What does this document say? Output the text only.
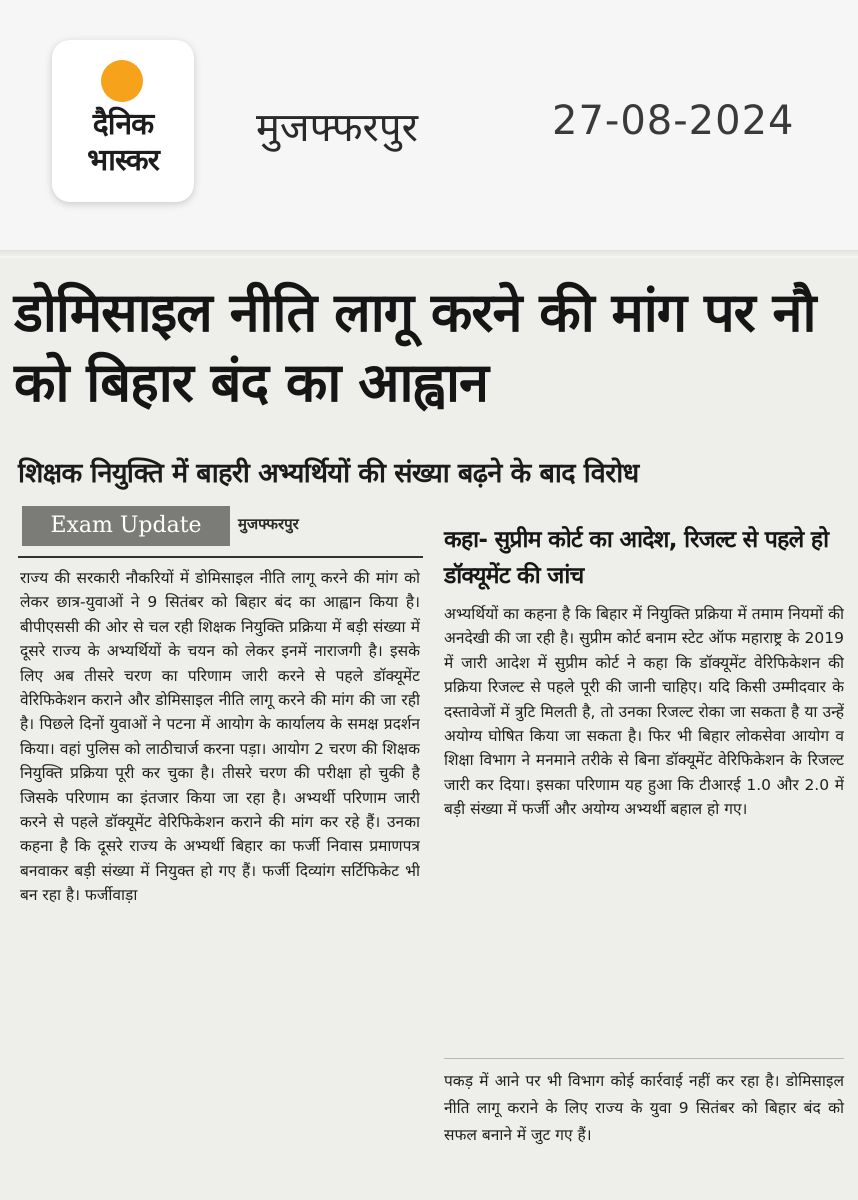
दैनिक
भास्कर
मुजफ्फरपुर	27-08-2024
डोमिसाइल नीति लागू करने की मांग पर नौ को बिहार बंद का आह्वान
शिक्षक नियुक्ति में बाहरी अभ्यर्थियों की संख्या बढ़ने के बाद विरोध
Exam Update	मुजफ्फरपुर

राज्य की सरकारी नौकरियों में डोमिसाइल नीति लागू करने की मांग को लेकर छात्र-युवाओं ने 9 सितंबर को बिहार बंद का आह्वान किया है। बीपीएससी की ओर से चल रही शिक्षक नियुक्ति प्रक्रिया में बड़ी संख्या में दूसरे राज्य के अभ्यर्थियों के चयन को लेकर इनमें नाराजगी है। इसके लिए अब तीसरे चरण का परिणाम जारी करने से पहले डॉक्यूमेंट वेरिफिकेशन कराने और डोमिसाइल नीति लागू करने की मांग की जा रही है। पिछले दिनों युवाओं ने पटना में आयोग के कार्यालय के समक्ष प्रदर्शन किया। वहां पुलिस को लाठीचार्ज करना पड़ा। आयोग 2 चरण की शिक्षक नियुक्ति प्रक्रिया पूरी कर चुका है। तीसरे चरण की परीक्षा हो चुकी है जिसके परिणाम का इंतजार किया जा रहा है। अभ्यर्थी परिणाम जारी करने से पहले डॉक्यूमेंट वेरिफिकेशन कराने की मांग कर रहे हैं। उनका कहना है कि दूसरे राज्य के अभ्यर्थी बिहार का फर्जी निवास प्रमाणपत्र बनवाकर बड़ी संख्या में नियुक्त हो गए हैं। फर्जी दिव्यांग सर्टिफिकेट भी बन रहा है। फर्जीवाड़ा

कहा- सुप्रीम कोर्ट का आदेश, रिजल्ट से पहले हो डॉक्यूमेंट की जांच

अभ्यर्थियों का कहना है कि बिहार में नियुक्ति प्रक्रिया में तमाम नियमों की अनदेखी की जा रही है। सुप्रीम कोर्ट बनाम स्टेट ऑफ महाराष्ट्र के 2019 में जारी आदेश में सुप्रीम कोर्ट ने कहा कि डॉक्यूमेंट वेरिफिकेशन की प्रक्रिया रिजल्ट से पहले पूरी की जानी चाहिए। यदि किसी उम्मीदवार के दस्तावेजों में त्रुटि मिलती है, तो उनका रिजल्ट रोका जा सकता है या उन्हें अयोग्य घोषित किया जा सकता है। फिर भी बिहार लोकसेवा आयोग व शिक्षा विभाग ने मनमाने तरीके से बिना डॉक्यूमेंट वेरिफिकेशन के रिजल्ट जारी कर दिया। इसका परिणाम यह हुआ कि टीआरई 1.0 और 2.0 में बड़ी संख्या में फर्जी और अयोग्य अभ्यर्थी बहाल हो गए।

पकड़ में आने पर भी विभाग कोई कार्रवाई नहीं कर रहा है। डोमिसाइल नीति लागू कराने के लिए राज्य के युवा 9 सितंबर को बिहार बंद को सफल बनाने में जुट गए हैं।
